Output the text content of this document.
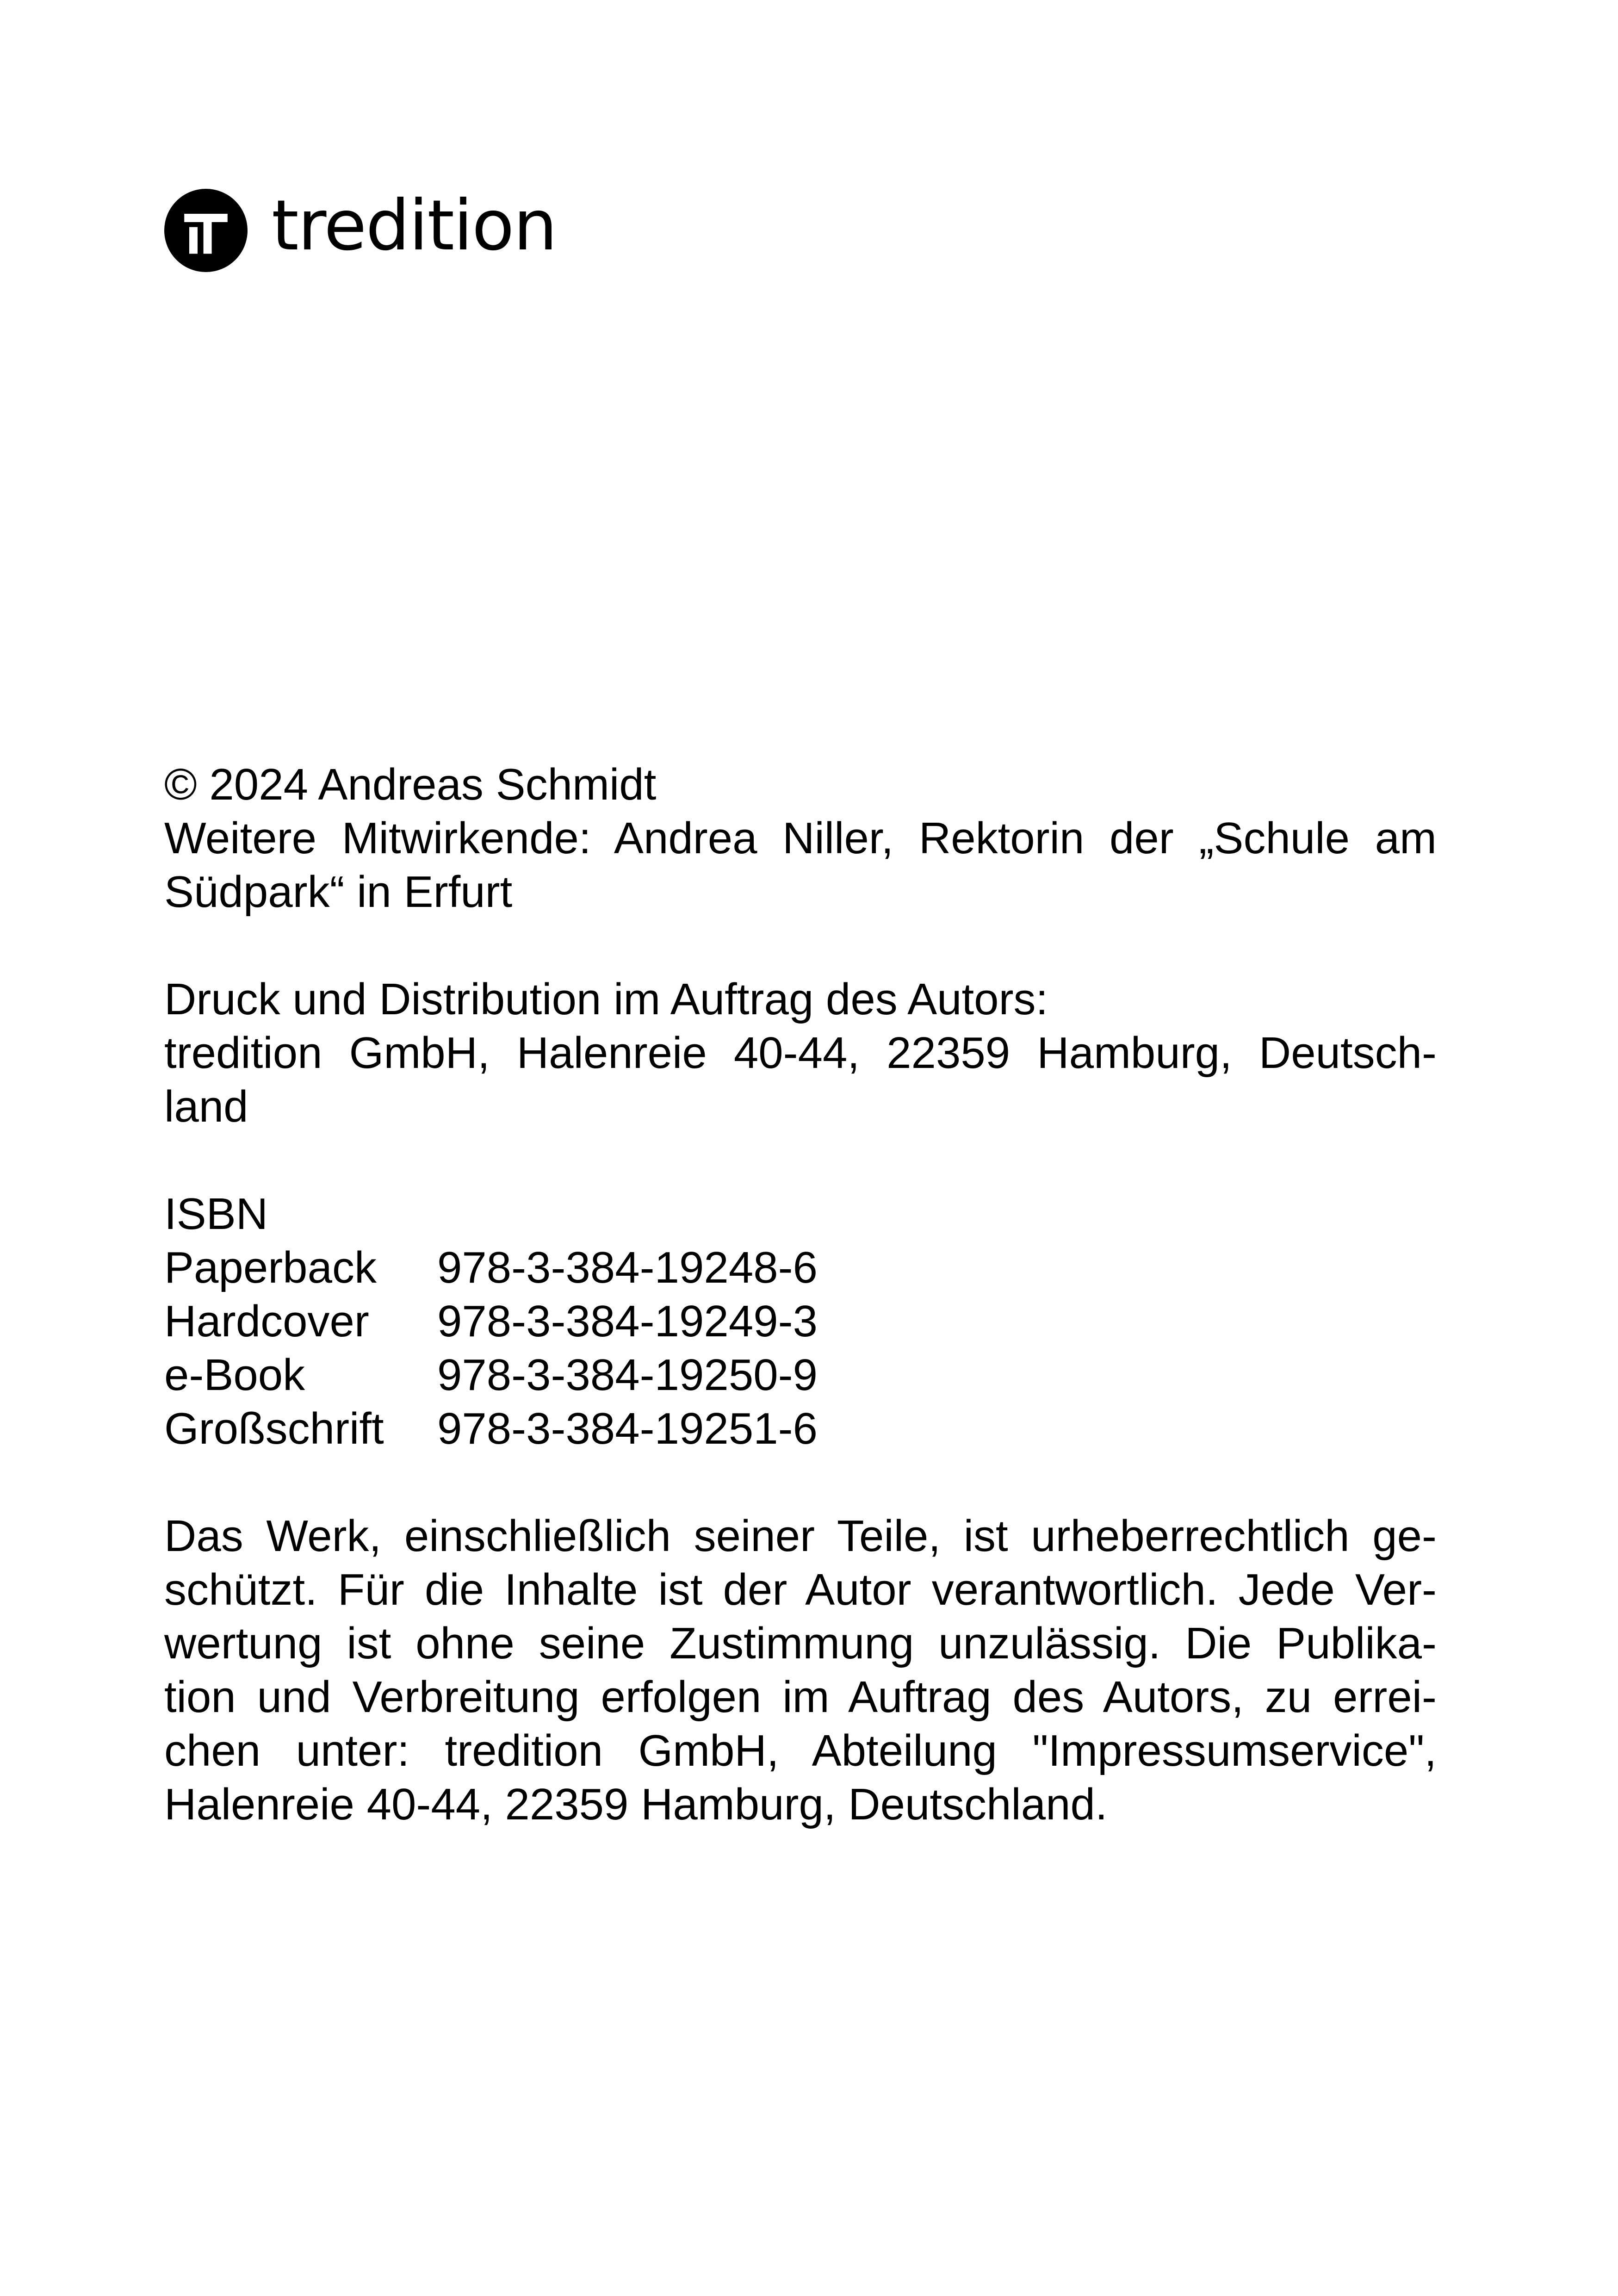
tredition

© 2024 Andreas Schmidt

Weitere Mitwirkende: Andrea Niller, Rektorin der „Schule am

Südpark“ in Erfurt

Druck und Distribution im Auftrag des Autors:

tredition GmbH, Halenreie 40-44, 22359 Hamburg, Deutsch-

land

ISBN

Paperback	978-3-384-19248-6
Hardcover	978-3-384-19249-3
e-Book	978-3-384-19250-9
Großschrift	978-3-384-19251-6

Das Werk, einschließlich seiner Teile, ist urheberrechtlich ge-

schützt. Für die Inhalte ist der Autor verantwortlich. Jede Ver-

wertung ist ohne seine Zustimmung unzulässig. Die Publika-

tion und Verbreitung erfolgen im Auftrag des Autors, zu errei-

chen unter: tredition GmbH, Abteilung "Impressumservice",

Halenreie 40-44, 22359 Hamburg, Deutschland.
